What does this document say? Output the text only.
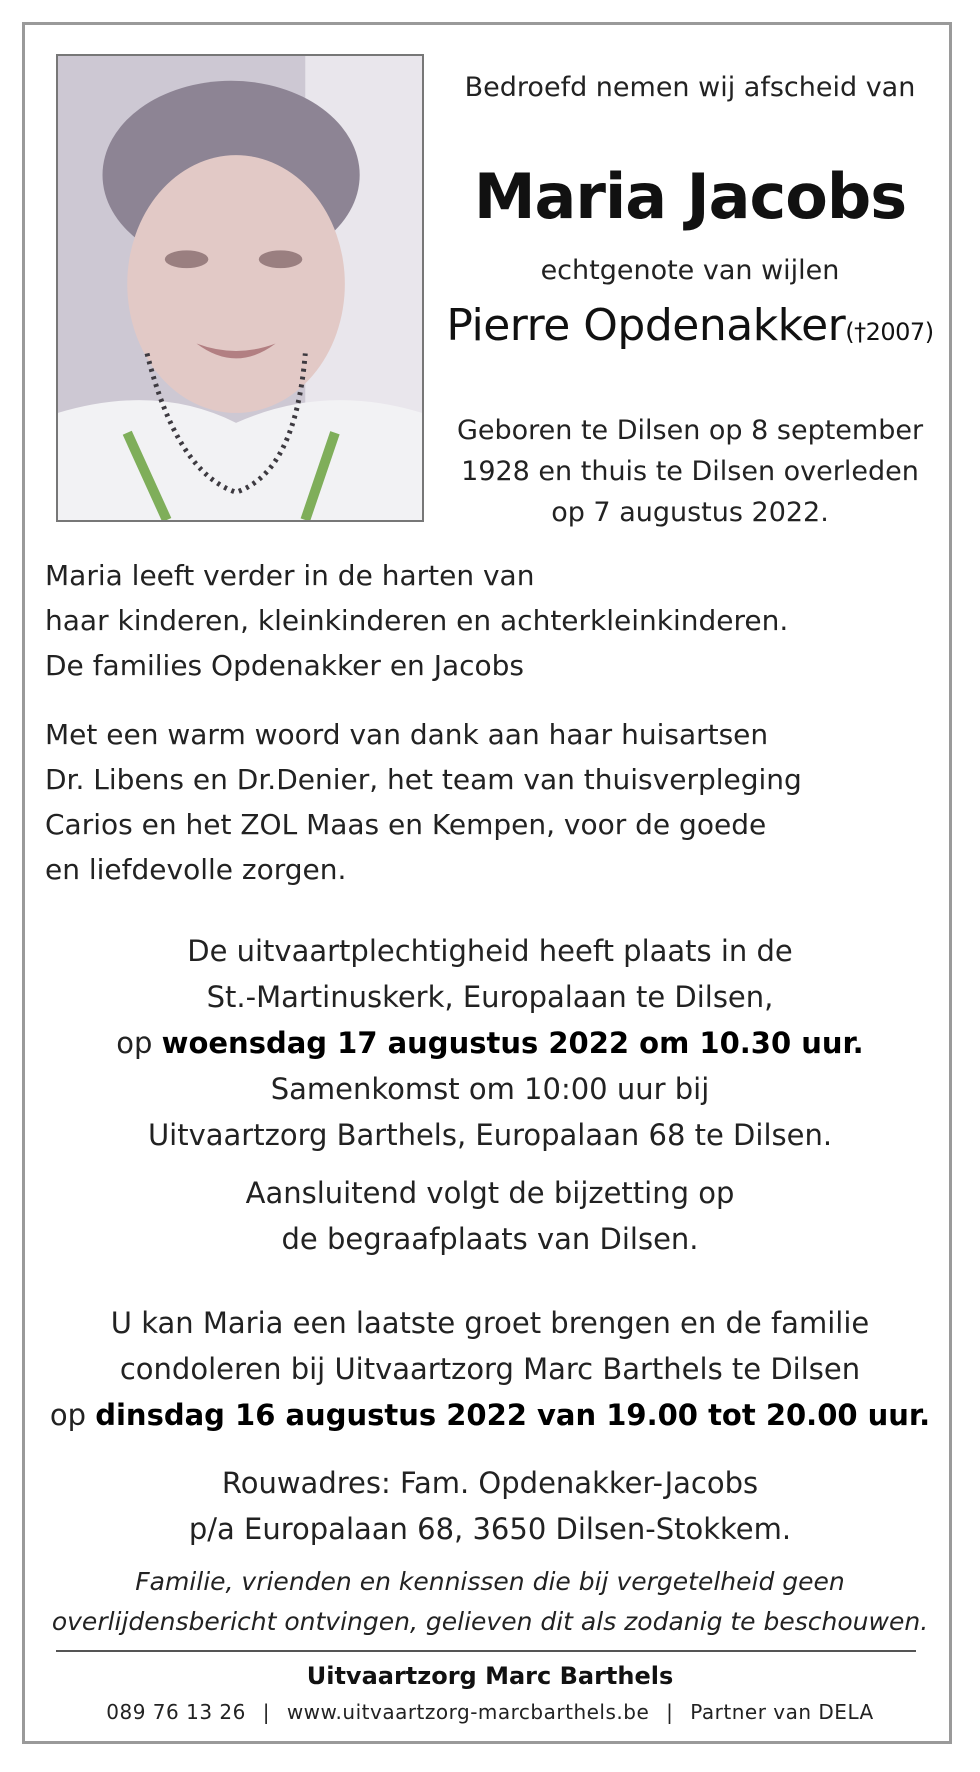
Bedroefd nemen wij afscheid van
Maria Jacobs
echtgenote van wijlen
Pierre Opdenakker(†2007)
Geboren te Dilsen op 8 september
1928 en thuis te Dilsen overleden
op 7 augustus 2022.
Maria leeft verder in de harten van
haar kinderen, kleinkinderen en achterkleinkinderen.
De families Opdenakker en Jacobs
Met een warm woord van dank aan haar huisartsen
Dr. Libens en Dr.Denier, het team van thuisverpleging
Carios en het ZOL Maas en Kempen, voor de goede
en liefdevolle zorgen.
De uitvaartplechtigheid heeft plaats in de
St.-Martinuskerk, Europalaan te Dilsen,
op woensdag 17 augustus 2022 om 10.30 uur.
Samenkomst om 10:00 uur bij
Uitvaartzorg Barthels, Europalaan 68 te Dilsen.
Aansluitend volgt de bijzetting op
de begraafplaats van Dilsen.
U kan Maria een laatste groet brengen en de familie
condoleren bij Uitvaartzorg Marc Barthels te Dilsen
op dinsdag 16 augustus 2022 van 19.00 tot 20.00 uur.
Rouwadres: Fam. Opdenakker-Jacobs
p/a Europalaan 68, 3650 Dilsen-Stokkem.
Familie, vrienden en kennissen die bij vergetelheid geen
overlijdensbericht ontvingen, gelieven dit als zodanig te beschouwen.
Uitvaartzorg Marc Barthels
089 76 13 26 | www.uitvaartzorg-marcbarthels.be | Partner van DELA
